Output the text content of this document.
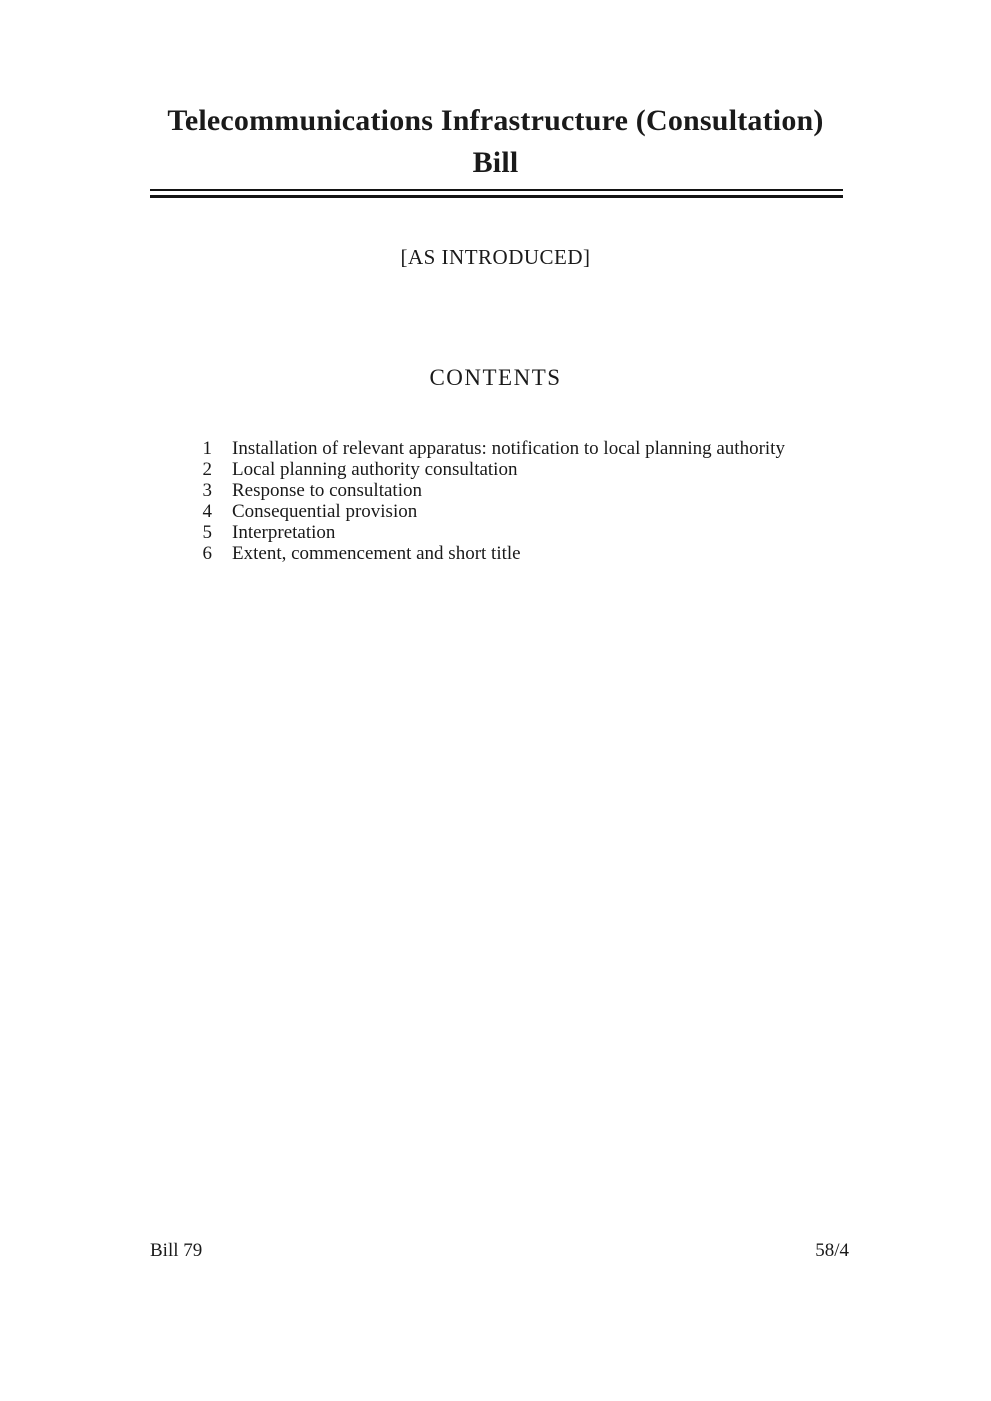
Telecommunications Infrastructure (Consultation)
Bill
[AS INTRODUCED]
CONTENTS
1 Installation of relevant apparatus: notification to local planning authority
2 Local planning authority consultation
3 Response to consultation
4 Consequential provision
5 Interpretation
6 Extent, commencement and short title
Bill 79	58/4
